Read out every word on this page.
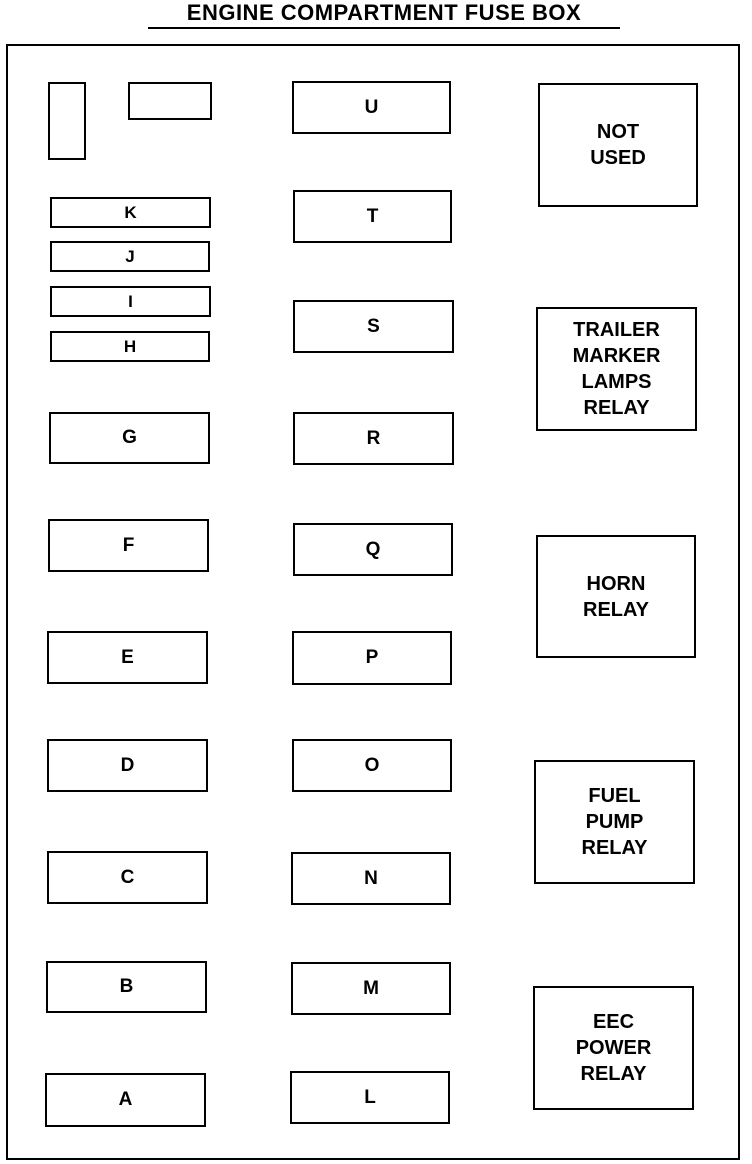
ENGINE COMPARTMENT FUSE BOX
K
J
I
H
G
F
E
D
C
B
A
U
T
S
R
Q
P
O
N
M
L
NOT
USED
TRAILER
MARKER
LAMPS
RELAY
HORN
RELAY
FUEL
PUMP
RELAY
EEC
POWER
RELAY
